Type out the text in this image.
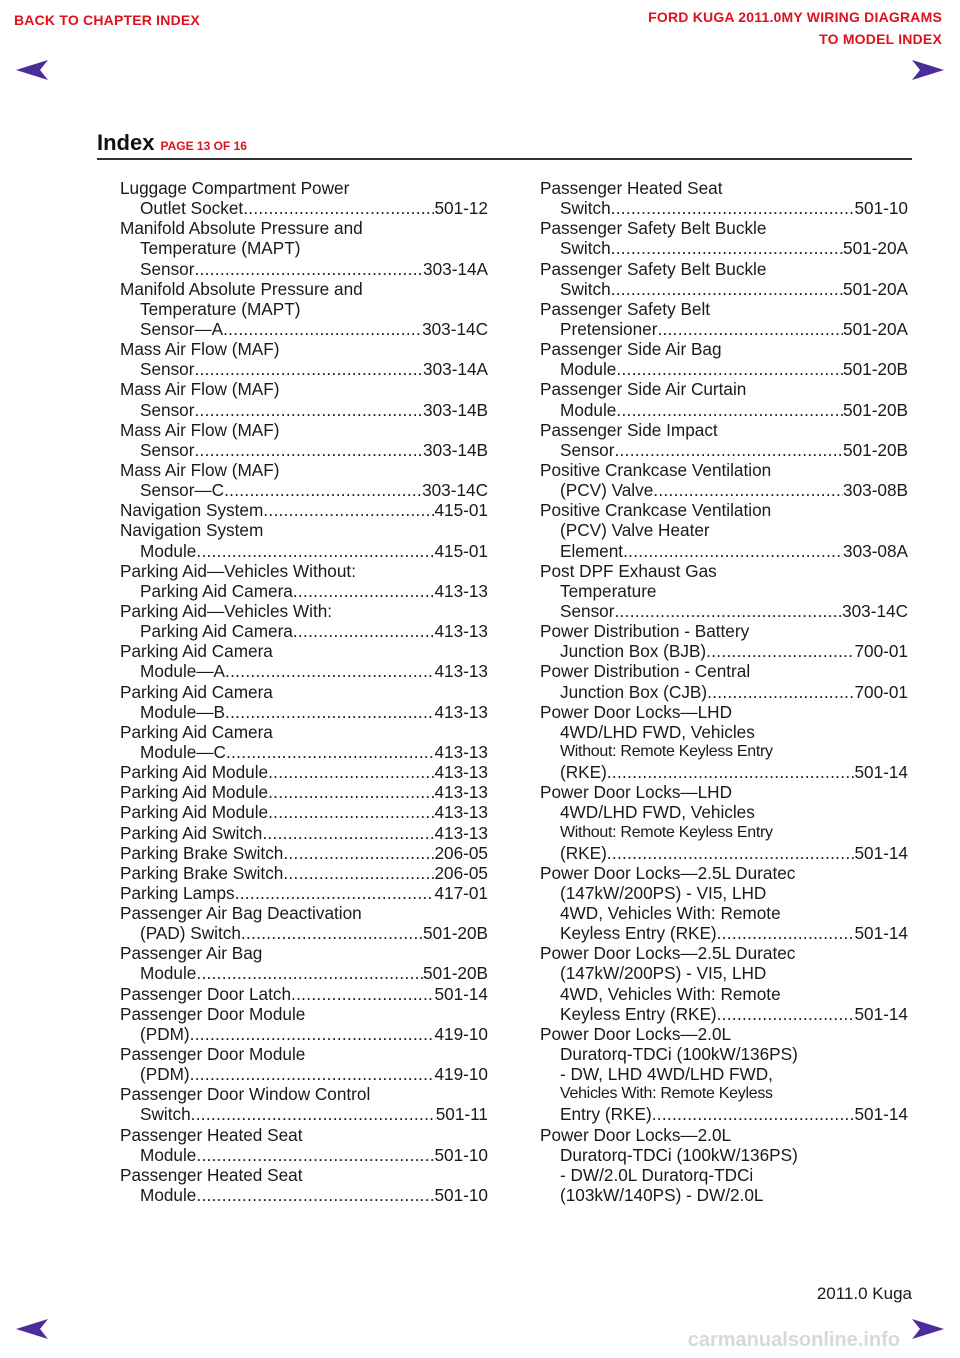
BACK TO CHAPTER INDEX	FORD KUGA 2011.0MY WIRING DIAGRAMS
TO MODEL INDEX
Index PAGE 13 OF 16
Luggage Compartment Power
Outlet Socket .....	501-12
Manifold Absolute Pressure and
Temperature (MAPT)
Sensor .....	303-14A
Manifold Absolute Pressure and
Temperature (MAPT)
Sensor—A .....	303-14C
Mass Air Flow (MAF)
Sensor .....	303-14A
Mass Air Flow (MAF)
Sensor .....	303-14B
Mass Air Flow (MAF)
Sensor .....	303-14B
Mass Air Flow (MAF)
Sensor—C .....	303-14C
Navigation System .....	415-01
Navigation System
Module .....	415-01
Parking Aid—Vehicles Without:
Parking Aid Camera .....	413-13
Parking Aid—Vehicles With:
Parking Aid Camera .....	413-13
Parking Aid Camera
Module—A .....	413-13
Parking Aid Camera
Module—B .....	413-13
Parking Aid Camera
Module—C .....	413-13
Parking Aid Module .....	413-13
Parking Aid Module .....	413-13
Parking Aid Module .....	413-13
Parking Aid Switch .....	413-13
Parking Brake Switch .....	206-05
Parking Brake Switch .....	206-05
Parking Lamps .....	417-01
Passenger Air Bag Deactivation
(PAD) Switch .....	501-20B
Passenger Air Bag
Module .....	501-20B
Passenger Door Latch .....	501-14
Passenger Door Module
(PDM) .....	419-10
Passenger Door Module
(PDM) .....	419-10
Passenger Door Window Control
Switch .....	501-11
Passenger Heated Seat
Module .....	501-10
Passenger Heated Seat
Module .....	501-10
Passenger Heated Seat
Switch .....	501-10
Passenger Safety Belt Buckle
Switch .....	501-20A
Passenger Safety Belt Buckle
Switch .....	501-20A
Passenger Safety Belt
Pretensioner .....	501-20A
Passenger Side Air Bag
Module .....	501-20B
Passenger Side Air Curtain
Module .....	501-20B
Passenger Side Impact
Sensor .....	501-20B
Positive Crankcase Ventilation
(PCV) Valve .....	303-08B
Positive Crankcase Ventilation
(PCV) Valve Heater
Element .....	303-08A
Post DPF Exhaust Gas
Temperature
Sensor .....	303-14C
Power Distribution - Battery
Junction Box (BJB) .....	700-01
Power Distribution - Central
Junction Box (CJB) .....	700-01
Power Door Locks—LHD
4WD/LHD FWD, Vehicles
Without: Remote Keyless Entry
(RKE) .....	501-14
Power Door Locks—LHD
4WD/LHD FWD, Vehicles
Without: Remote Keyless Entry
(RKE) .....	501-14
Power Door Locks—2.5L Duratec
(147kW/200PS) - VI5, LHD
4WD, Vehicles With: Remote
Keyless Entry (RKE) .....	501-14
Power Door Locks—2.5L Duratec
(147kW/200PS) - VI5, LHD
4WD, Vehicles With: Remote
Keyless Entry (RKE) .....	501-14
Power Door Locks—2.0L
Duratorq-TDCi (100kW/136PS)
- DW, LHD 4WD/LHD FWD,
Vehicles With: Remote Keyless
Entry (RKE) .....	501-14
Power Door Locks—2.0L
Duratorq-TDCi (100kW/136PS)
- DW/2.0L Duratorq-TDCi
(103kW/140PS) - DW/2.0L
2011.0 Kuga
carmanualsonline.info
